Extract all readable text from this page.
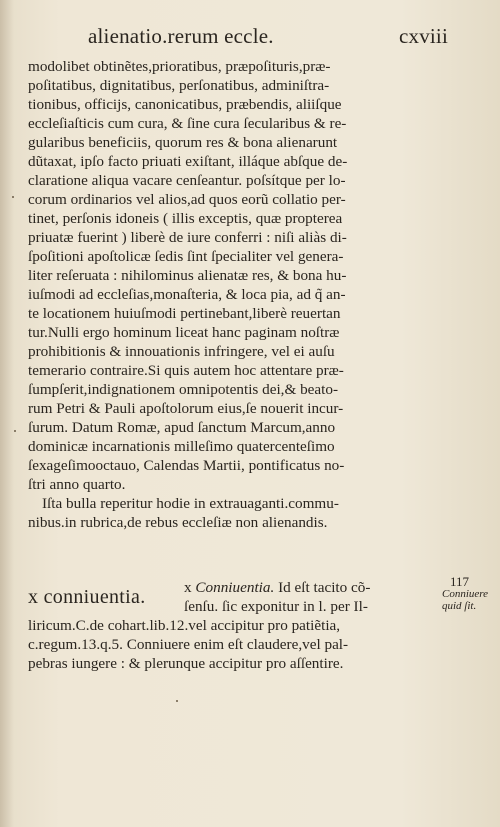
alienatio.rerum eccle.	cxviii
modolibet obtinẽtes,prioratibus, præpoſituris,præ-
poſitatibus, dignitatibus, perſonatibus, adminiſtra-
tionibus, officijs, canonicatibus, præbendis, aliiſque
eccleſiaſticis cum cura, & ſine cura ſecularibus & re-
gularibus beneficiis, quorum res & bona alienarunt
dũtaxat, ipſo facto priuati exiſtant, illáque abſque de-
claratione aliqua vacare cenſeantur. poſsítque per lo-
corum ordinarios vel alios,ad quos eorũ collatio per-
tinet, perſonis idoneis ( illis exceptis, quæ propterea
priuatæ fuerint ) liberè de iure conferri : niſi aliàs di-
ſpoſitioni apoſtolicæ ſedis ſint ſpecialiter vel genera-
liter reſeruata : nihilominus alienatæ res, & bona hu-
iuſmodi ad eccleſias,monaſteria, & loca pia, ad q̃ an-
te locationem huiuſmodi pertinebant,liberè reuertan
tur.Nulli ergo hominum liceat hanc paginam noſtræ
prohibitionis & innouationis infringere, vel ei auſu
temerario contraire.Si quis autem hoc attentare præ-
ſumpſerit,indignationem omnipotentis dei,& beato-
rum Petri & Pauli apoſtolorum eius,ſe nouerit incur-
ſurum. Datum Romæ, apud ſanctum Marcum,anno
dominicæ incarnationis milleſimo quatercenteſimo
ſexageſimooctauo, Calendas Martii, pontificatus no-
ſtri anno quarto.
Iſta bulla reperitur hodie in extrauaganti.commu-
nibus.in rubrica,de rebus eccleſiæ non alienandis.
x conniuentia.	x Conniuentia. Id eſt tacito cõ-
ſenſu. ſic exponitur in l. per Il-
liricum.C.de cohart.lib.12.vel accipitur pro patiẽtia,
c.regum.13.q.5. Conniuere enim eſt claudere,vel pal-
pebras iungere : & plerunque accipitur pro aſſentire.
117
Conniuere
quid ſit.
